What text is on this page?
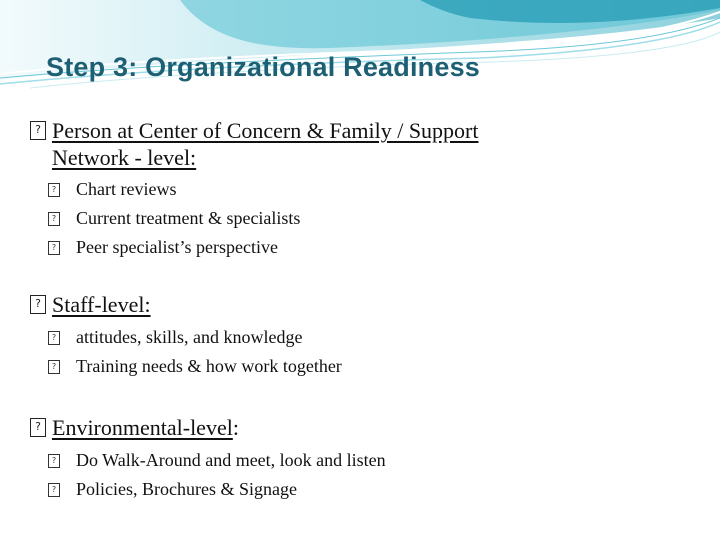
Step 3: Organizational Readiness
? Person at Center of Concern & Family / Support
Network - level:
? Chart reviews
? Current treatment & specialists
? Peer specialist’s perspective
? Staff-level:
? attitudes, skills, and knowledge
? Training needs & how work together
? Environmental-level:
? Do Walk-Around and meet, look and listen
? Policies, Brochures & Signage
